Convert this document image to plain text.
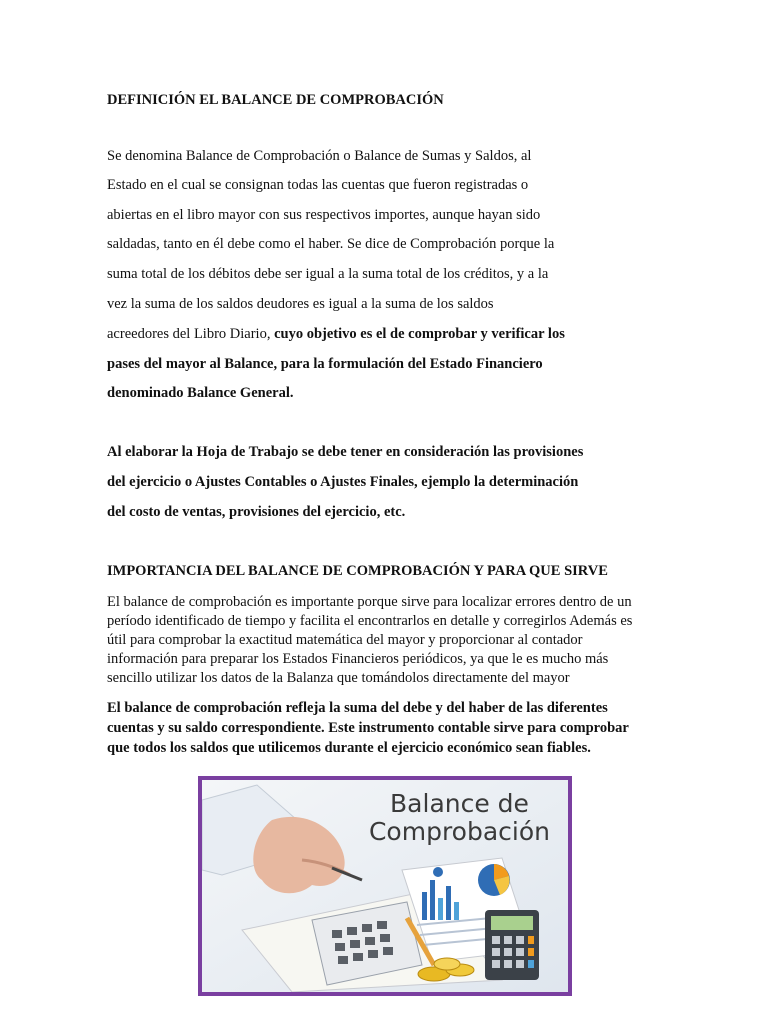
DEFINICIÓN EL BALANCE DE COMPROBACIÓN
Se denomina Balance de Comprobación o Balance de Sumas y Saldos, al
Estado en el cual se consignan todas las cuentas que fueron registradas o
abiertas en el libro mayor con sus respectivos importes, aunque hayan sido
saldadas, tanto en él debe como el haber. Se dice de Comprobación porque la
suma total de los débitos debe ser igual a la suma total de los créditos, y a la
vez la suma de los saldos deudores es igual a la suma de los saldos
acreedores del Libro Diario, cuyo objetivo es el de comprobar y verificar los
pases del mayor al Balance, para la formulación del Estado Financiero
denominado Balance General.
Al elaborar la Hoja de Trabajo se debe tener en consideración las provisiones
del ejercicio o Ajustes Contables o Ajustes Finales, ejemplo la determinación
del costo de ventas, provisiones del ejercicio, etc.
IMPORTANCIA DEL BALANCE DE COMPROBACIÓN Y PARA QUE SIRVE
El balance de comprobación es importante porque sirve para localizar errores dentro de un
período identificado de tiempo y facilita el encontrarlos en detalle y corregirlos Además es
útil para comprobar la exactitud matemática del mayor y proporcionar al contador
información para preparar los Estados Financieros periódicos, ya que le es mucho más
sencillo utilizar los datos de la Balanza que tomándolos directamente del mayor
El balance de comprobación refleja la suma del debe y del haber de las diferentes
cuentas y su saldo correspondiente. Este instrumento contable sirve para comprobar
que todos los saldos que utilicemos durante el ejercicio económico sean fiables.
Balance de
Comprobación
